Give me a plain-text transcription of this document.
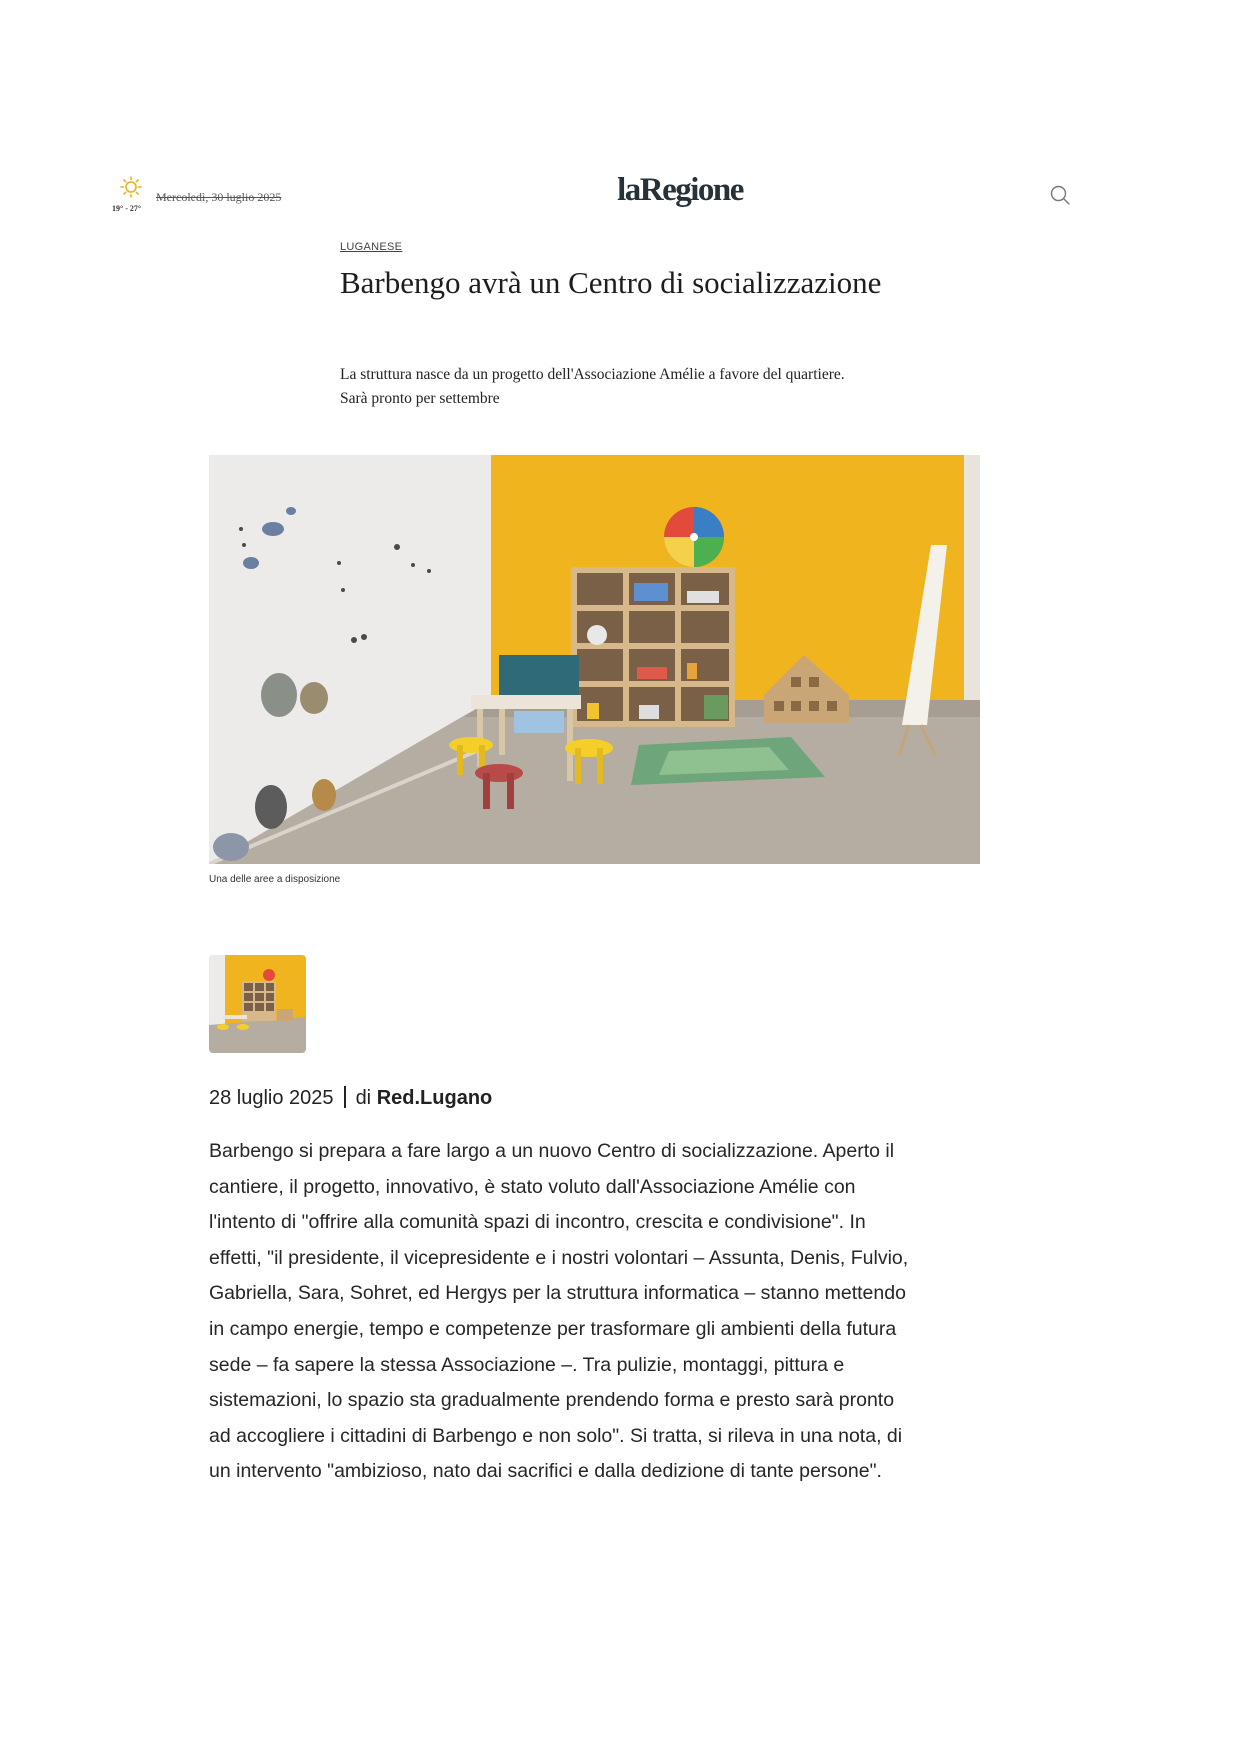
19° - 27°
Mercoledì, 30 luglio 2025	laRegione
LUGANESE
Barbengo avrà un Centro di socializzazione

La struttura nasce da un progetto dell'Associazione Amélie a favore del quartiere. Sarà pronto per settembre

Una delle aree a disposizione
28 luglio 2025 di Red.Lugano

Barbengo si prepara a fare largo a un nuovo Centro di socializzazione. Aperto il cantiere, il progetto, innovativo, è stato voluto dall'Associazione Amélie con l'intento di "offrire alla comunità spazi di incontro, crescita e condivisione". In effetti, "il presidente, il vicepresidente e i nostri volontari – Assunta, Denis, Fulvio, Gabriella, Sara, Sohret, ed Hergys per la struttura informatica – stanno mettendo in campo energie, tempo e competenze per trasformare gli ambienti della futura sede – fa sapere la stessa Associazione –. Tra pulizie, montaggi, pittura e sistemazioni, lo spazio sta gradualmente prendendo forma e presto sarà pronto ad accogliere i cittadini di Barbengo e non solo". Si tratta, si rileva in una nota, di un intervento "ambizioso, nato dai sacrifici e dalla dedizione di tante persone".
